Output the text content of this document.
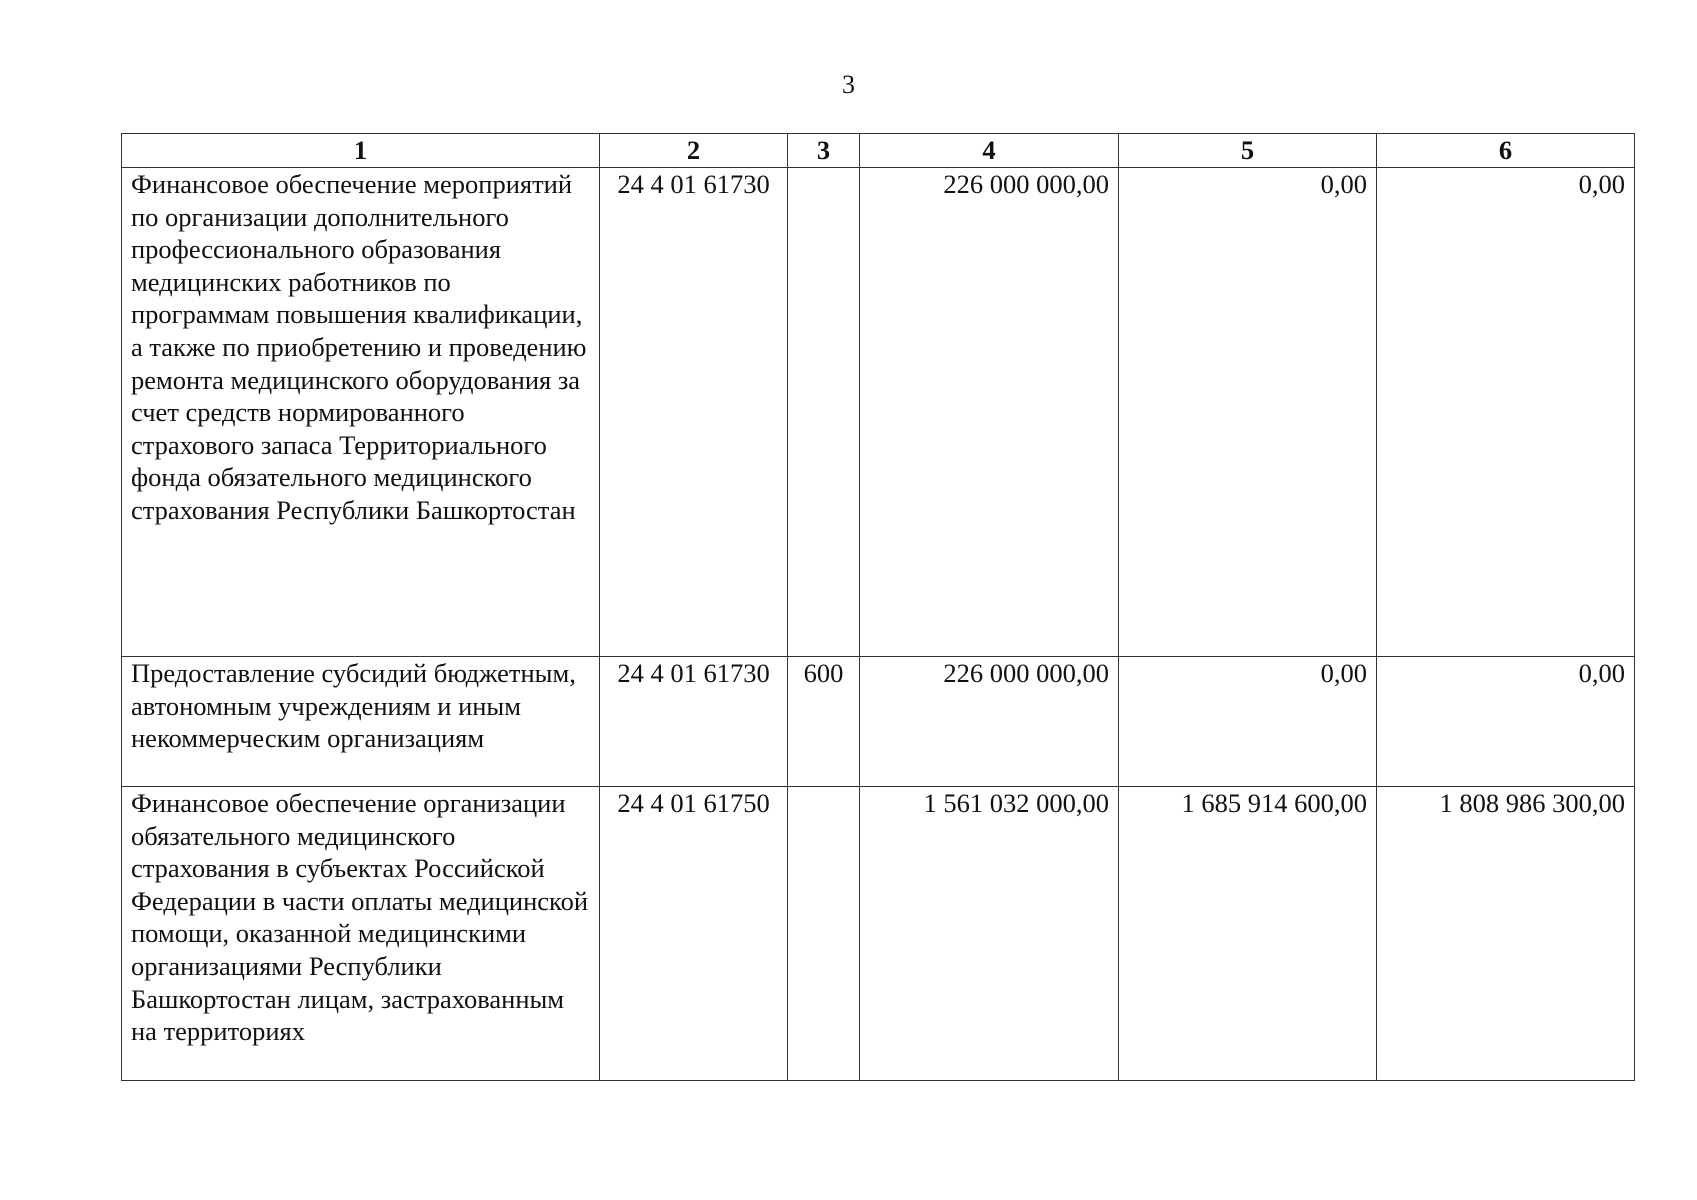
3
1	2	3	4	5	6
Финансовое обеспечение мероприятий по организации дополнительного профессионального образования медицинских работников по программам повышения квалификации, а также по приобретению и проведению ремонта медицинского оборудования за счет средств нормированного страхового запаса Территориального фонда обязательного медицинского страхования Республики Башкортостан	24 4 01 61730		226 000 000,00	0,00	0,00
Предоставление субсидий бюджетным, автономным учреждениям и иным некоммерческим организациям	24 4 01 61730	600	226 000 000,00	0,00	0,00
Финансовое обеспечение организации обязательного медицинского страхования в субъектах Российской Федерации в части оплаты медицинской помощи, оказанной медицинскими организациями Республики Башкортостан лицам, застрахованным на территориях	24 4 01 61750		1 561 032 000,00	1 685 914 600,00	1 808 986 300,00
